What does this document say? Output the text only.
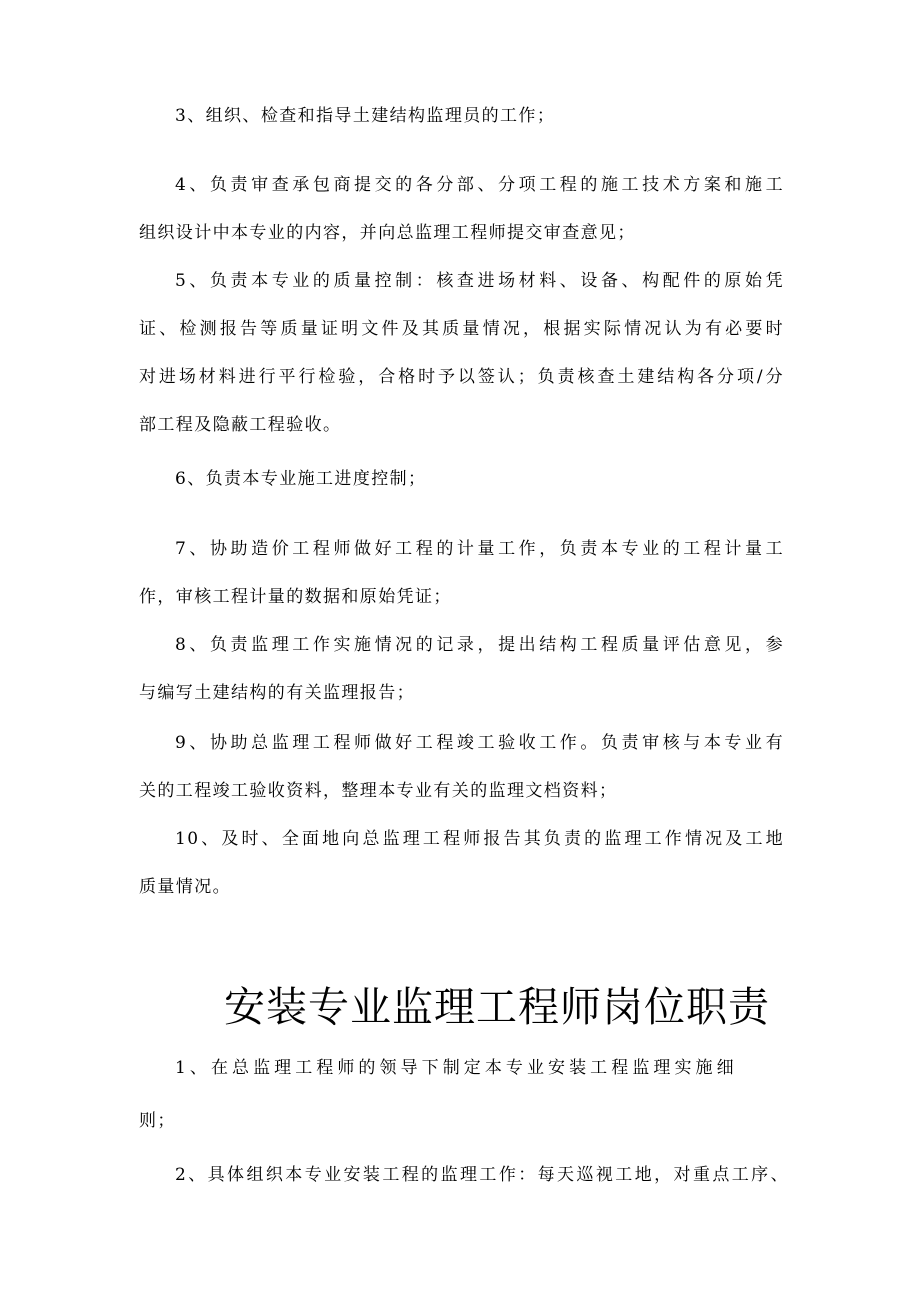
3、组织、检查和指导土建结构监理员的工作；
4、负责审查承包商提交的各分部、分项工程的施工技术方案和施工
组织设计中本专业的内容，并向总监理工程师提交审查意见；
5、负责本专业的质量控制：核查进场材料、设备、构配件的原始凭
证、检测报告等质量证明文件及其质量情况，根据实际情况认为有必要时
对进场材料进行平行检验，合格时予以签认；负责核查土建结构各分项/分
部工程及隐蔽工程验收。
6、负责本专业施工进度控制；
7、协助造价工程师做好工程的计量工作，负责本专业的工程计量工
作，审核工程计量的数据和原始凭证；
8、负责监理工作实施情况的记录，提出结构工程质量评估意见，参
与编写土建结构的有关监理报告；
9、协助总监理工程师做好工程竣工验收工作。负责审核与本专业有
关的工程竣工验收资料，整理本专业有关的监理文档资料；
10、及时、全面地向总监理工程师报告其负责的监理工作情况及工地
质量情况。
安装专业监理工程师岗位职责
1、在总监理工程师的领导下制定本专业安装工程监理实施细
则；
2、具体组织本专业安装工程的监理工作：每天巡视工地，对重点工序、
